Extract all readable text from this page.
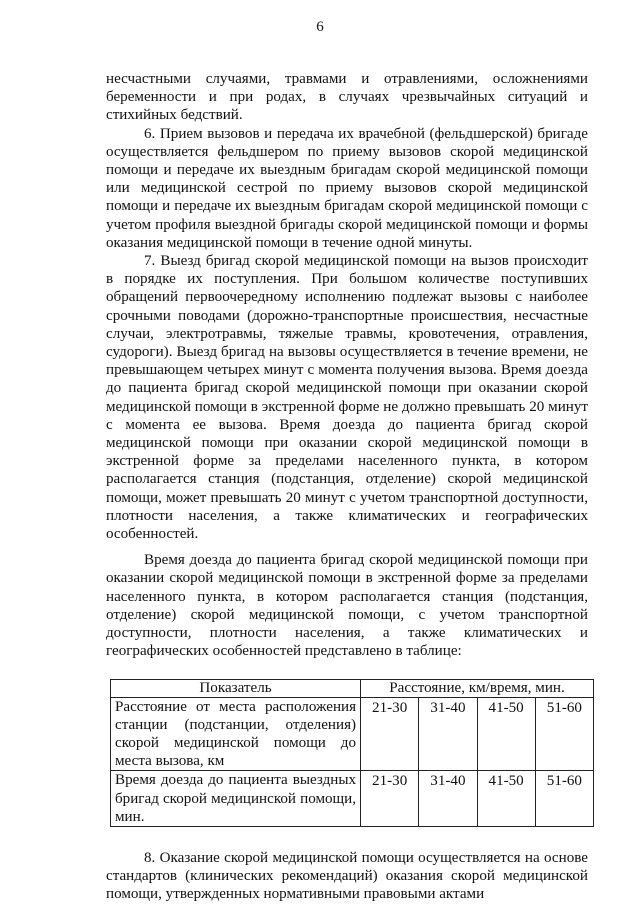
6

несчастными случаями, травмами и отравлениями, осложнениями беременности и при родах, в случаях чрезвычайных ситуаций и стихийных бедствий.

6. Прием вызовов и передача их врачебной (фельдшерской) бригаде осуществляется фельдшером по приему вызовов скорой медицинской помощи и передаче их выездным бригадам скорой медицинской помощи или медицинской сестрой по приему вызовов скорой медицинской помощи и передаче их выездным бригадам скорой медицинской помощи с учетом профиля выездной бригады скорой медицинской помощи и формы оказания медицинской помощи в течение одной минуты.

7. Выезд бригад скорой медицинской помощи на вызов происходит в порядке их поступления. При большом количестве поступивших обращений первоочередному исполнению подлежат вызовы с наиболее срочными поводами (дорожно-транспортные происшествия, несчастные случаи, электротравмы, тяжелые травмы, кровотечения, отравления, судороги). Выезд бригад на вызовы осуществляется в течение времени, не превышающем четырех минут с момента получения вызова. Время доезда до пациента бригад скорой медицинской помощи при оказании скорой медицинской помощи в экстренной форме не должно превышать 20 минут с момента ее вызова. Время доезда до пациента бригад скорой медицинской помощи при оказании скорой медицинской помощи в экстренной форме за пределами населенного пункта, в котором располагается станция (подстанция, отделение) скорой медицинской помощи, может превышать 20 минут с учетом транспортной доступности, плотности населения, а также климатических и географических особенностей.

Время доезда до пациента бригад скорой медицинской помощи при оказании скорой медицинской помощи в экстренной форме за пределами населенного пункта, в котором располагается станция (подстанция, отделение) скорой медицинской помощи, с учетом транспортной доступности, плотности населения, а также климатических и географических особенностей представлено в таблице:

Показатель	Расстояние, км/время, мин.			
Расстояние от места расположения станции (подстанции, отделения) скорой медицинской помощи до места вызова, км	21-30	31-40	41-50	51-60
Время доезда до пациента выездных бригад скорой медицинской помощи, мин.	21-30	31-40	41-50	51-60

8. Оказание скорой медицинской помощи осуществляется на основе стандартов (клинических рекомендаций) оказания скорой медицинской помощи, утвержденных нормативными правовыми актами
